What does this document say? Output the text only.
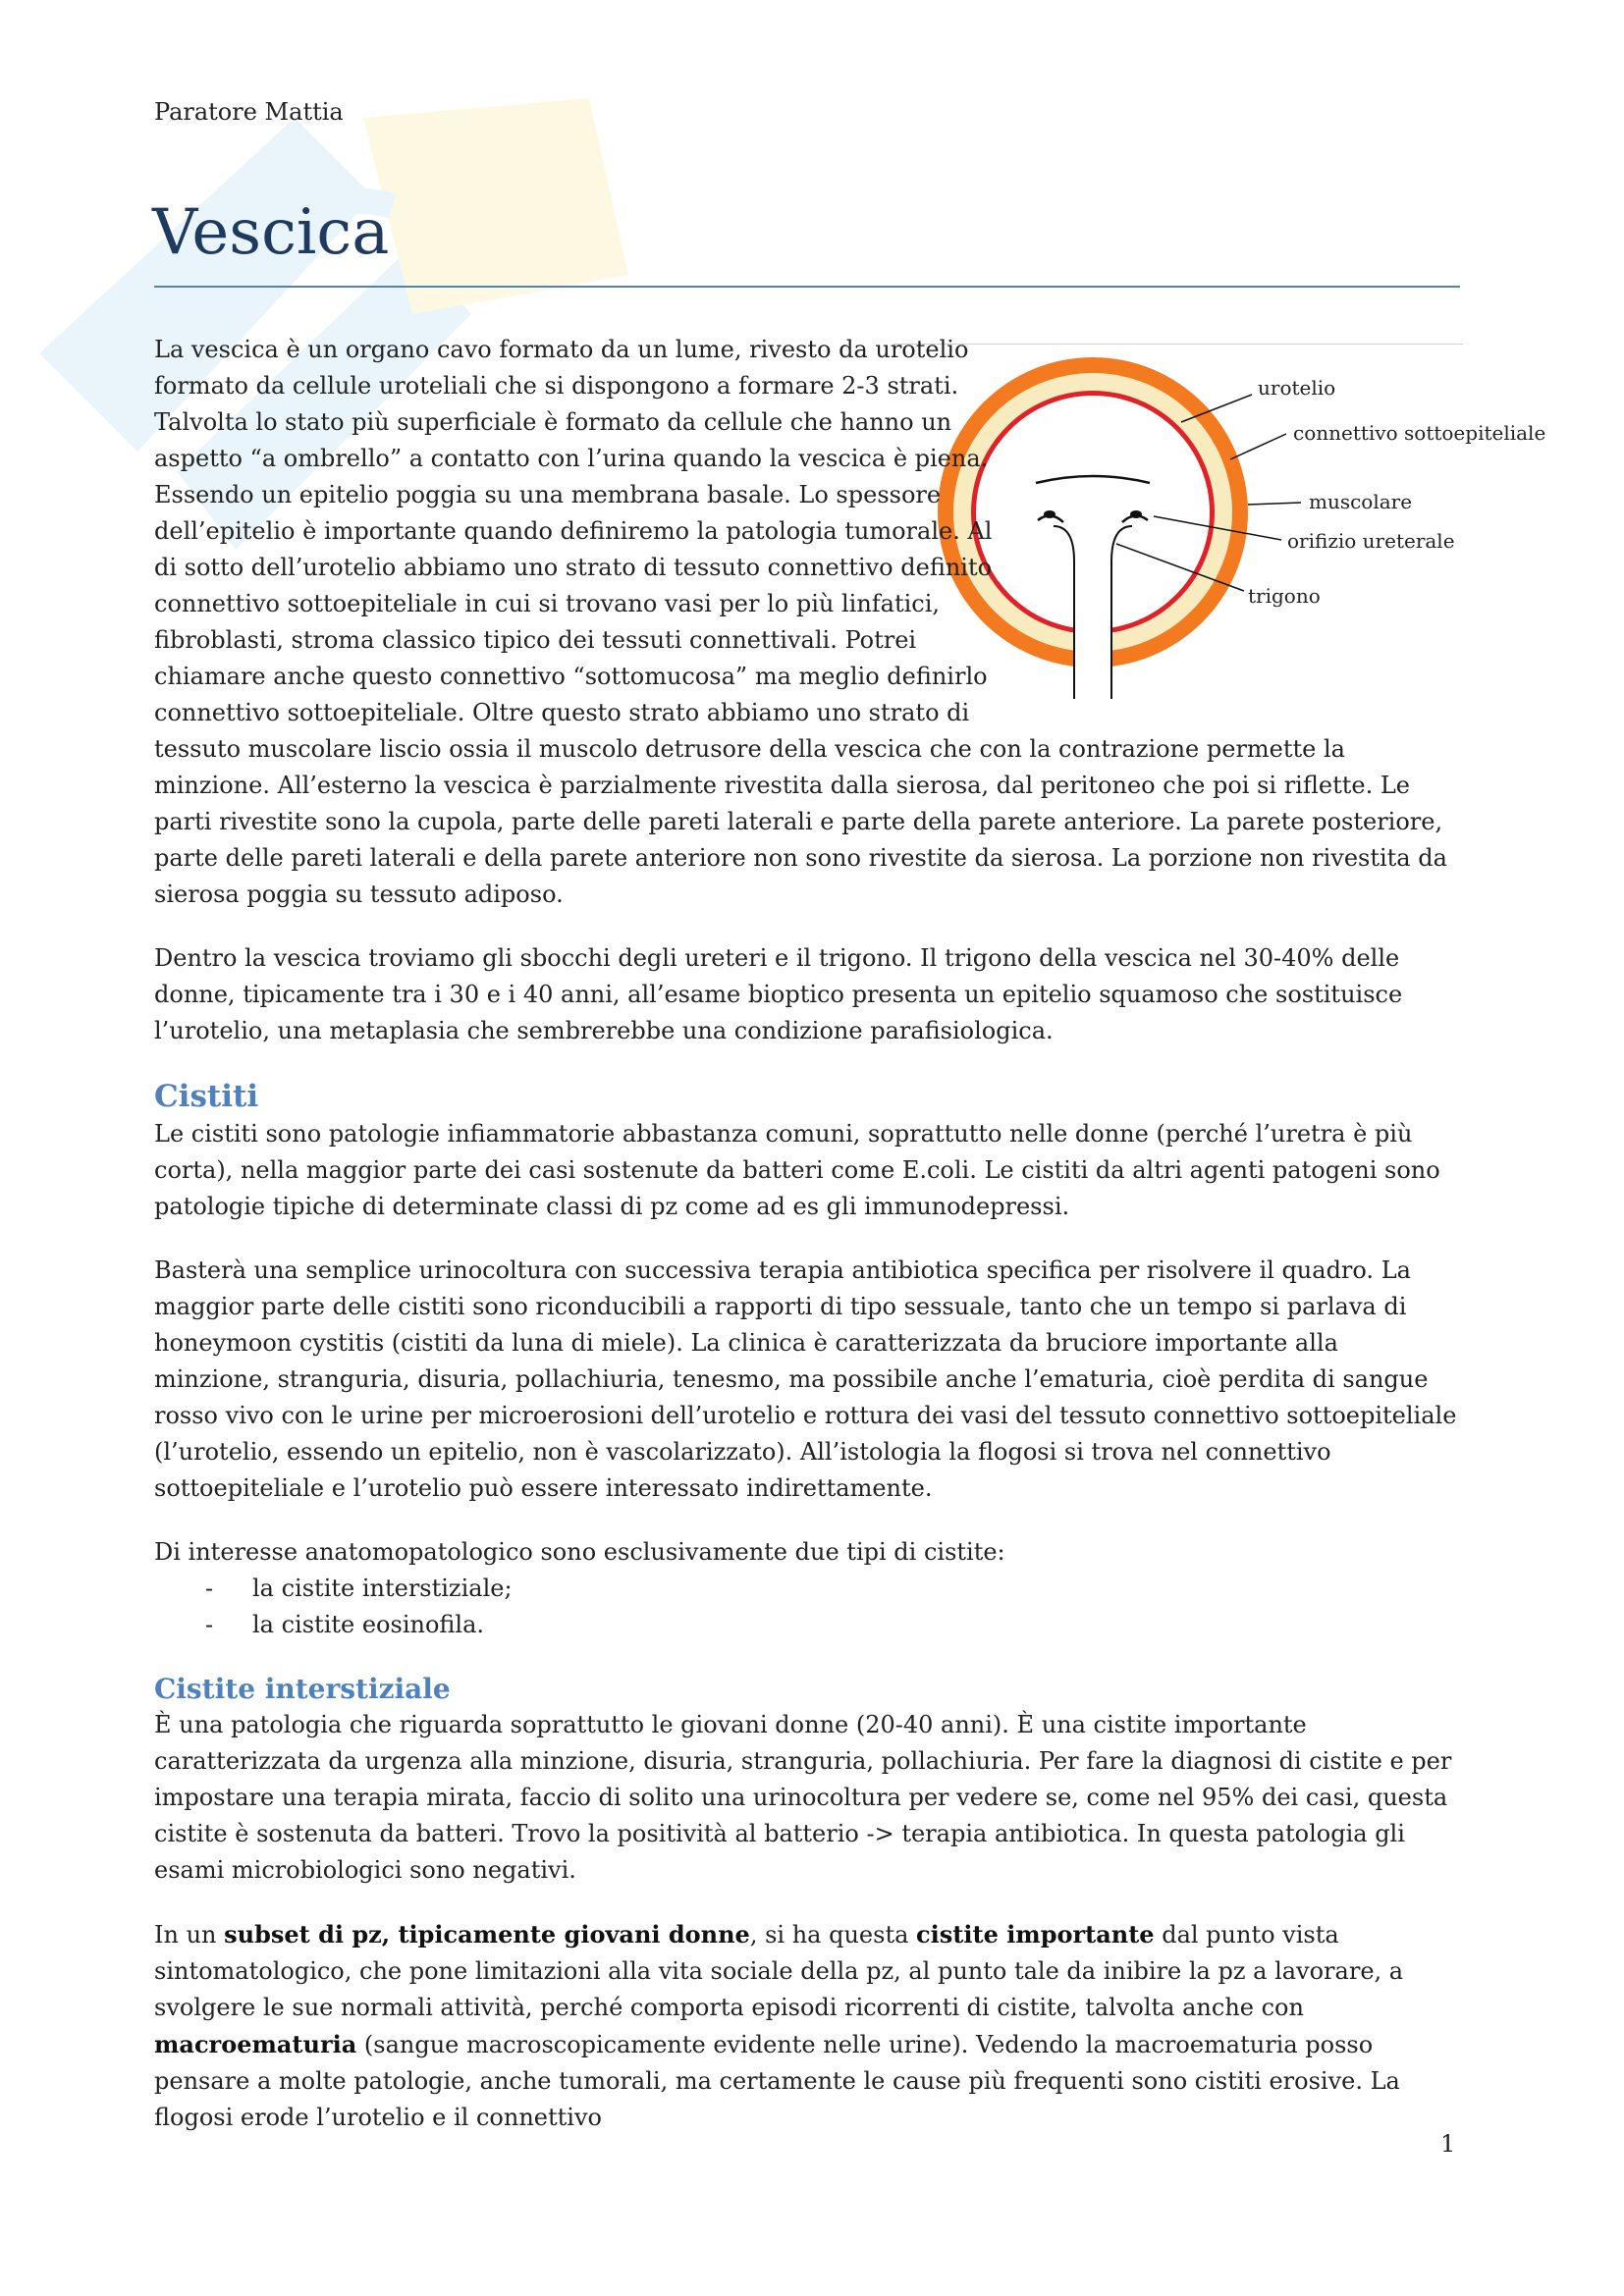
Paratore Mattia
Vescica
urotelio
connettivo sottoepiteliale
muscolare
orifizio ureterale
trigono

La vescica è un organo cavo formato da un lume, rivesto da urotelio formato da cellule uroteliali che si dispongono a formare 2-3 strati. Talvolta lo stato più superficiale è formato da cellule che hanno un aspetto “a ombrello” a contatto con l’urina quando la vescica è piena. Essendo un epitelio poggia su una membrana basale. Lo spessore dell’epitelio è importante quando definiremo la patologia tumorale. Al di sotto dell’urotelio abbiamo uno strato di tessuto connettivo definito connettivo sottoepiteliale in cui si trovano vasi per lo più linfatici, fibroblasti, stroma classico tipico dei tessuti connettivali. Potrei chiamare anche questo connettivo “sottomucosa” ma meglio definirlo connettivo sottoepiteliale. Oltre questo strato abbiamo uno strato di tessuto muscolare liscio ossia il muscolo detrusore della vescica che con la contrazione permette la minzione. All’esterno la vescica è parzialmente rivestita dalla sierosa, dal peritoneo che poi si riflette. Le parti rivestite sono la cupola, parte delle pareti laterali e parte della parete anteriore. La parete posteriore, parte delle pareti laterali e della parete anteriore non sono rivestite da sierosa. La porzione non rivestita da sierosa poggia su tessuto adiposo.

Dentro la vescica troviamo gli sbocchi degli ureteri e il trigono. Il trigono della vescica nel 30-40% delle donne, tipicamente tra i 30 e i 40 anni, all’esame bioptico presenta un epitelio squamoso che sostituisce l’urotelio, una metaplasia che sembrerebbe una condizione parafisiologica.

Cistiti

Le cistiti sono patologie infiammatorie abbastanza comuni, soprattutto nelle donne (perché l’uretra è più corta), nella maggior parte dei casi sostenute da batteri come E.coli. Le cistiti da altri agenti patogeni sono patologie tipiche di determinate classi di pz come ad es gli immunodepressi.

Basterà una semplice urinocoltura con successiva terapia antibiotica specifica per risolvere il quadro. La maggior parte delle cistiti sono riconducibili a rapporti di tipo sessuale, tanto che un tempo si parlava di honeymoon cystitis (cistiti da luna di miele). La clinica è caratterizzata da bruciore importante alla minzione, stranguria, disuria, pollachiuria, tenesmo, ma possibile anche l’ematuria, cioè perdita di sangue rosso vivo con le urine per microerosioni dell’urotelio e rottura dei vasi del tessuto connettivo sottoepiteliale (l’urotelio, essendo un epitelio, non è vascolarizzato). All’istologia la flogosi si trova nel connettivo sottoepiteliale e l’urotelio può essere interessato indirettamente.

Di interesse anatomopatologico sono esclusivamente due tipi di cistite:

- la cistite interstiziale;
- la cistite eosinofila.
Cistite interstiziale

È una patologia che riguarda soprattutto le giovani donne (20-40 anni). È una cistite importante caratterizzata da urgenza alla minzione, disuria, stranguria, pollachiuria. Per fare la diagnosi di cistite e per impostare una terapia mirata, faccio di solito una urinocoltura per vedere se, come nel 95% dei casi, questa cistite è sostenuta da batteri. Trovo la positività al batterio -> terapia antibiotica. In questa patologia gli esami microbiologici sono negativi.

In un subset di pz, tipicamente giovani donne, si ha questa cistite importante dal punto vista sintomatologico, che pone limitazioni alla vita sociale della pz, al punto tale da inibire la pz a lavorare, a svolgere le sue normali attività, perché comporta episodi ricorrenti di cistite, talvolta anche con macroematuria (sangue macroscopicamente evidente nelle urine). Vedendo la macroematuria posso pensare a molte patologie, anche tumorali, ma certamente le cause più frequenti sono cistiti erosive. La flogosi erode l’urotelio e il connettivo

1
